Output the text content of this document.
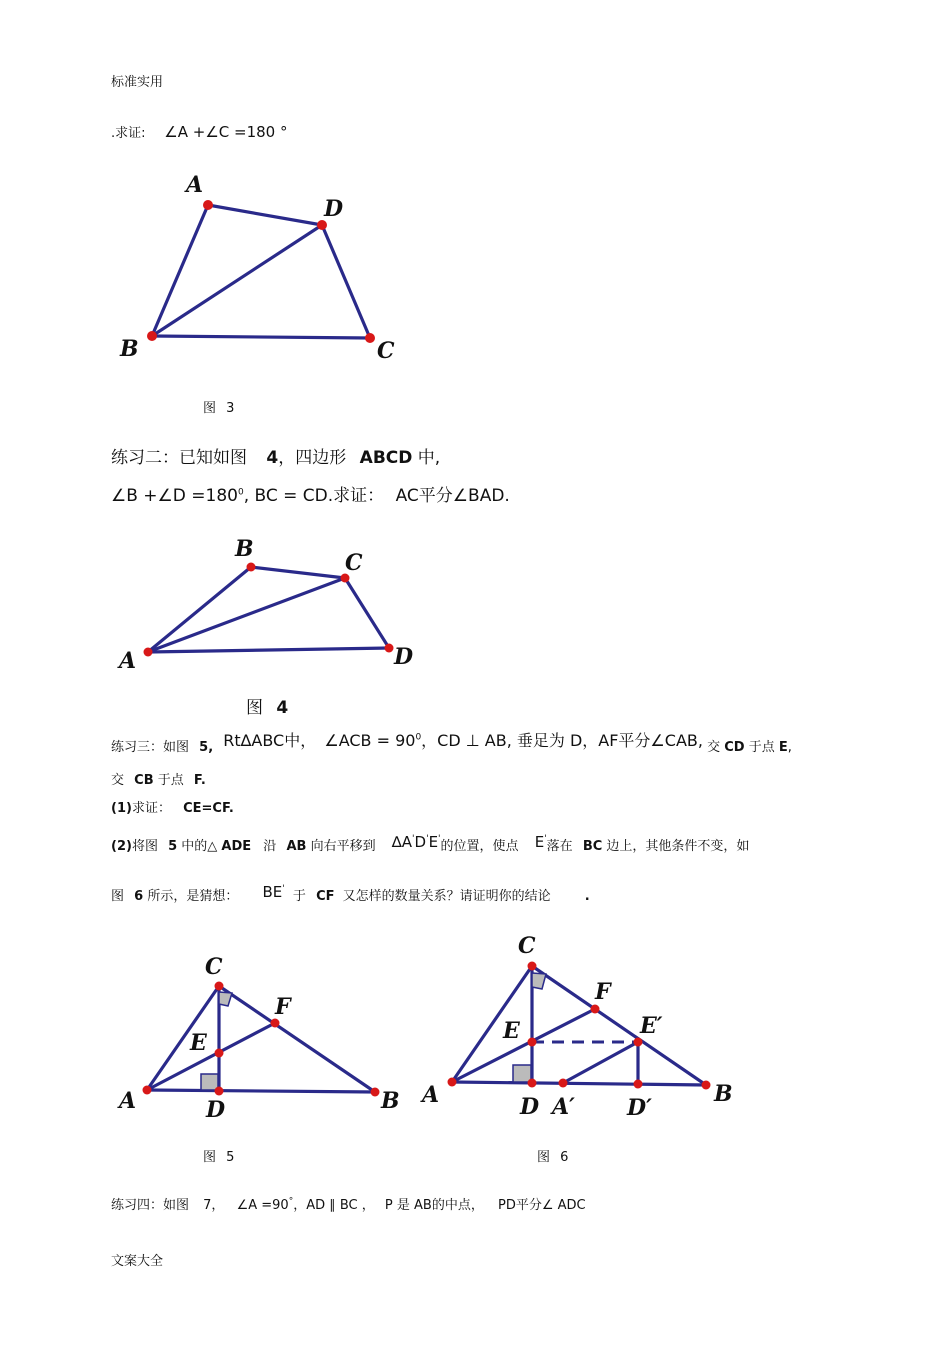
标准实用
文案大全
.求证: ∠A +∠C =180 °
A
D
B	C
B
C
A	D
C
F
E
A	D	B
C
F
E	E′
A	D A′ D′
B
图 3
练习二：已知如图 4，四边形 ABCD 中,
∠B +∠D $=180^0$, BC = CD.求证： AC平分∠BAD.
图 4
练习三：如图 5, Rt∆ABC中， ∠ACB = $90^0$，CD ⊥ AB, 垂足为 D，AF平分∠CAB, 交 CD 于点 E,
交 CB 于点 F.
(1)求证： CE=CF.
(2)将图 5 中的△ ADE 沿 AB 向右平移到 ∆A'D'E'的位置，使点 E'落在 BC 边上，其他条件不变，如
图 6 所示，是猜想： BE' 于 CF 又怎样的数量关系？请证明你的结论	.
图 5	图 6
练习四：如图 7， ∠A =90°，AD ∥ BC ， P 是 AB的中点， PD平分∠ ADC
